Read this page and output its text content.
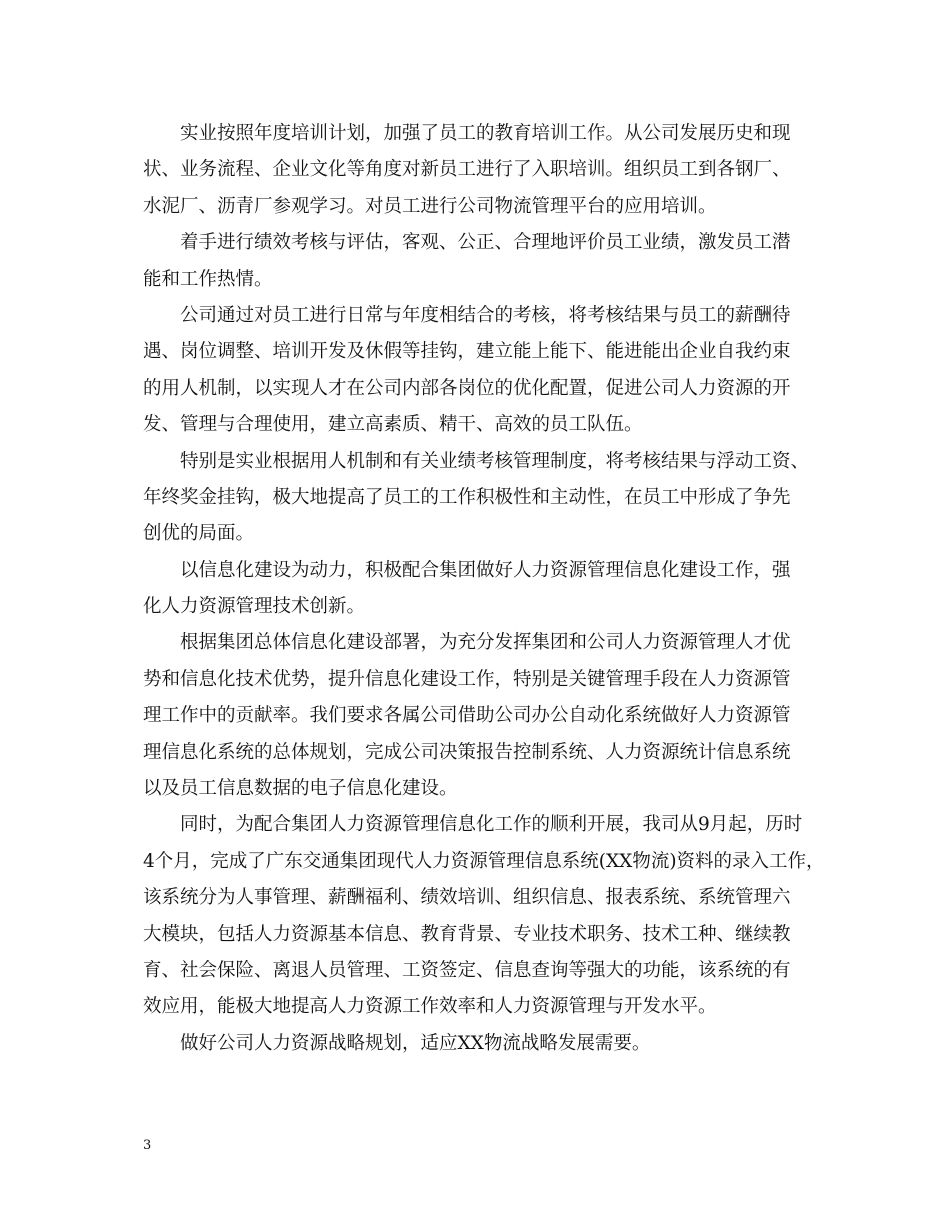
实业按照年度培训计划，加强了员工的教育培训工作。从公司发展历史和现
状、业务流程、企业文化等角度对新员工进行了入职培训。组织员工到各钢厂、
水泥厂、沥青厂参观学习。对员工进行公司物流管理平台的应用培训。
着手进行绩效考核与评估，客观、公正、合理地评价员工业绩，激发员工潜
能和工作热情。
公司通过对员工进行日常与年度相结合的考核，将考核结果与员工的薪酬待
遇、岗位调整、培训开发及休假等挂钩，建立能上能下、能进能出企业自我约束
的用人机制，以实现人才在公司内部各岗位的优化配置，促进公司人力资源的开
发、管理与合理使用，建立高素质、精干、高效的员工队伍。
特别是实业根据用人机制和有关业绩考核管理制度，将考核结果与浮动工资、
年终奖金挂钩，极大地提高了员工的工作积极性和主动性，在员工中形成了争先
创优的局面。
以信息化建设为动力，积极配合集团做好人力资源管理信息化建设工作，强
化人力资源管理技术创新。
根据集团总体信息化建设部署，为充分发挥集团和公司人力资源管理人才优
势和信息化技术优势，提升信息化建设工作，特别是关键管理手段在人力资源管
理工作中的贡献率。我们要求各属公司借助公司办公自动化系统做好人力资源管
理信息化系统的总体规划，完成公司决策报告控制系统、人力资源统计信息系统
以及员工信息数据的电子信息化建设。
同时，为配合集团人力资源管理信息化工作的顺利开展，我司从9月起，历时
4个月，完成了广东交通集团现代人力资源管理信息系统(XX物流)资料的录入工作，
该系统分为人事管理、薪酬福利、绩效培训、组织信息、报表系统、系统管理六
大模块，包括人力资源基本信息、教育背景、专业技术职务、技术工种、继续教
育、社会保险、离退人员管理、工资签定、信息查询等强大的功能，该系统的有
效应用，能极大地提高人力资源工作效率和人力资源管理与开发水平。
做好公司人力资源战略规划，适应XX物流战略发展需要。
3
